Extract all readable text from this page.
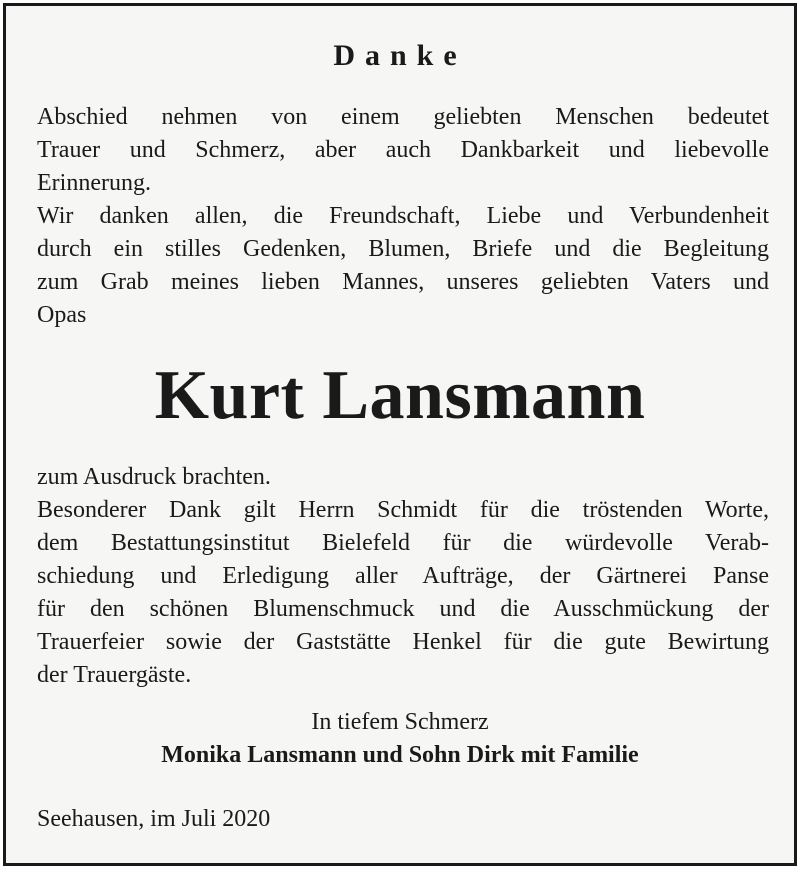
Danke
Abschied nehmen von einem geliebten Menschen bedeutet
Trauer und Schmerz, aber auch Dankbarkeit und liebevolle
Erinnerung.
Wir danken allen, die Freundschaft, Liebe und Verbundenheit
durch ein stilles Gedenken, Blumen, Briefe und die Begleitung
zum Grab meines lieben Mannes, unseres geliebten Vaters und
Opas
Kurt Lansmann
zum Ausdruck brachten.
Besonderer Dank gilt Herrn Schmidt für die tröstenden Worte,
dem Bestattungsinstitut Bielefeld für die würdevolle Verab-
schiedung und Erledigung aller Aufträge, der Gärtnerei Panse
für den schönen Blumenschmuck und die Ausschmückung der
Trauerfeier sowie der Gaststätte Henkel für die gute Bewirtung
der Trauergäste.
In tiefem Schmerz
Monika Lansmann und Sohn Dirk mit Familie
Seehausen, im Juli 2020
